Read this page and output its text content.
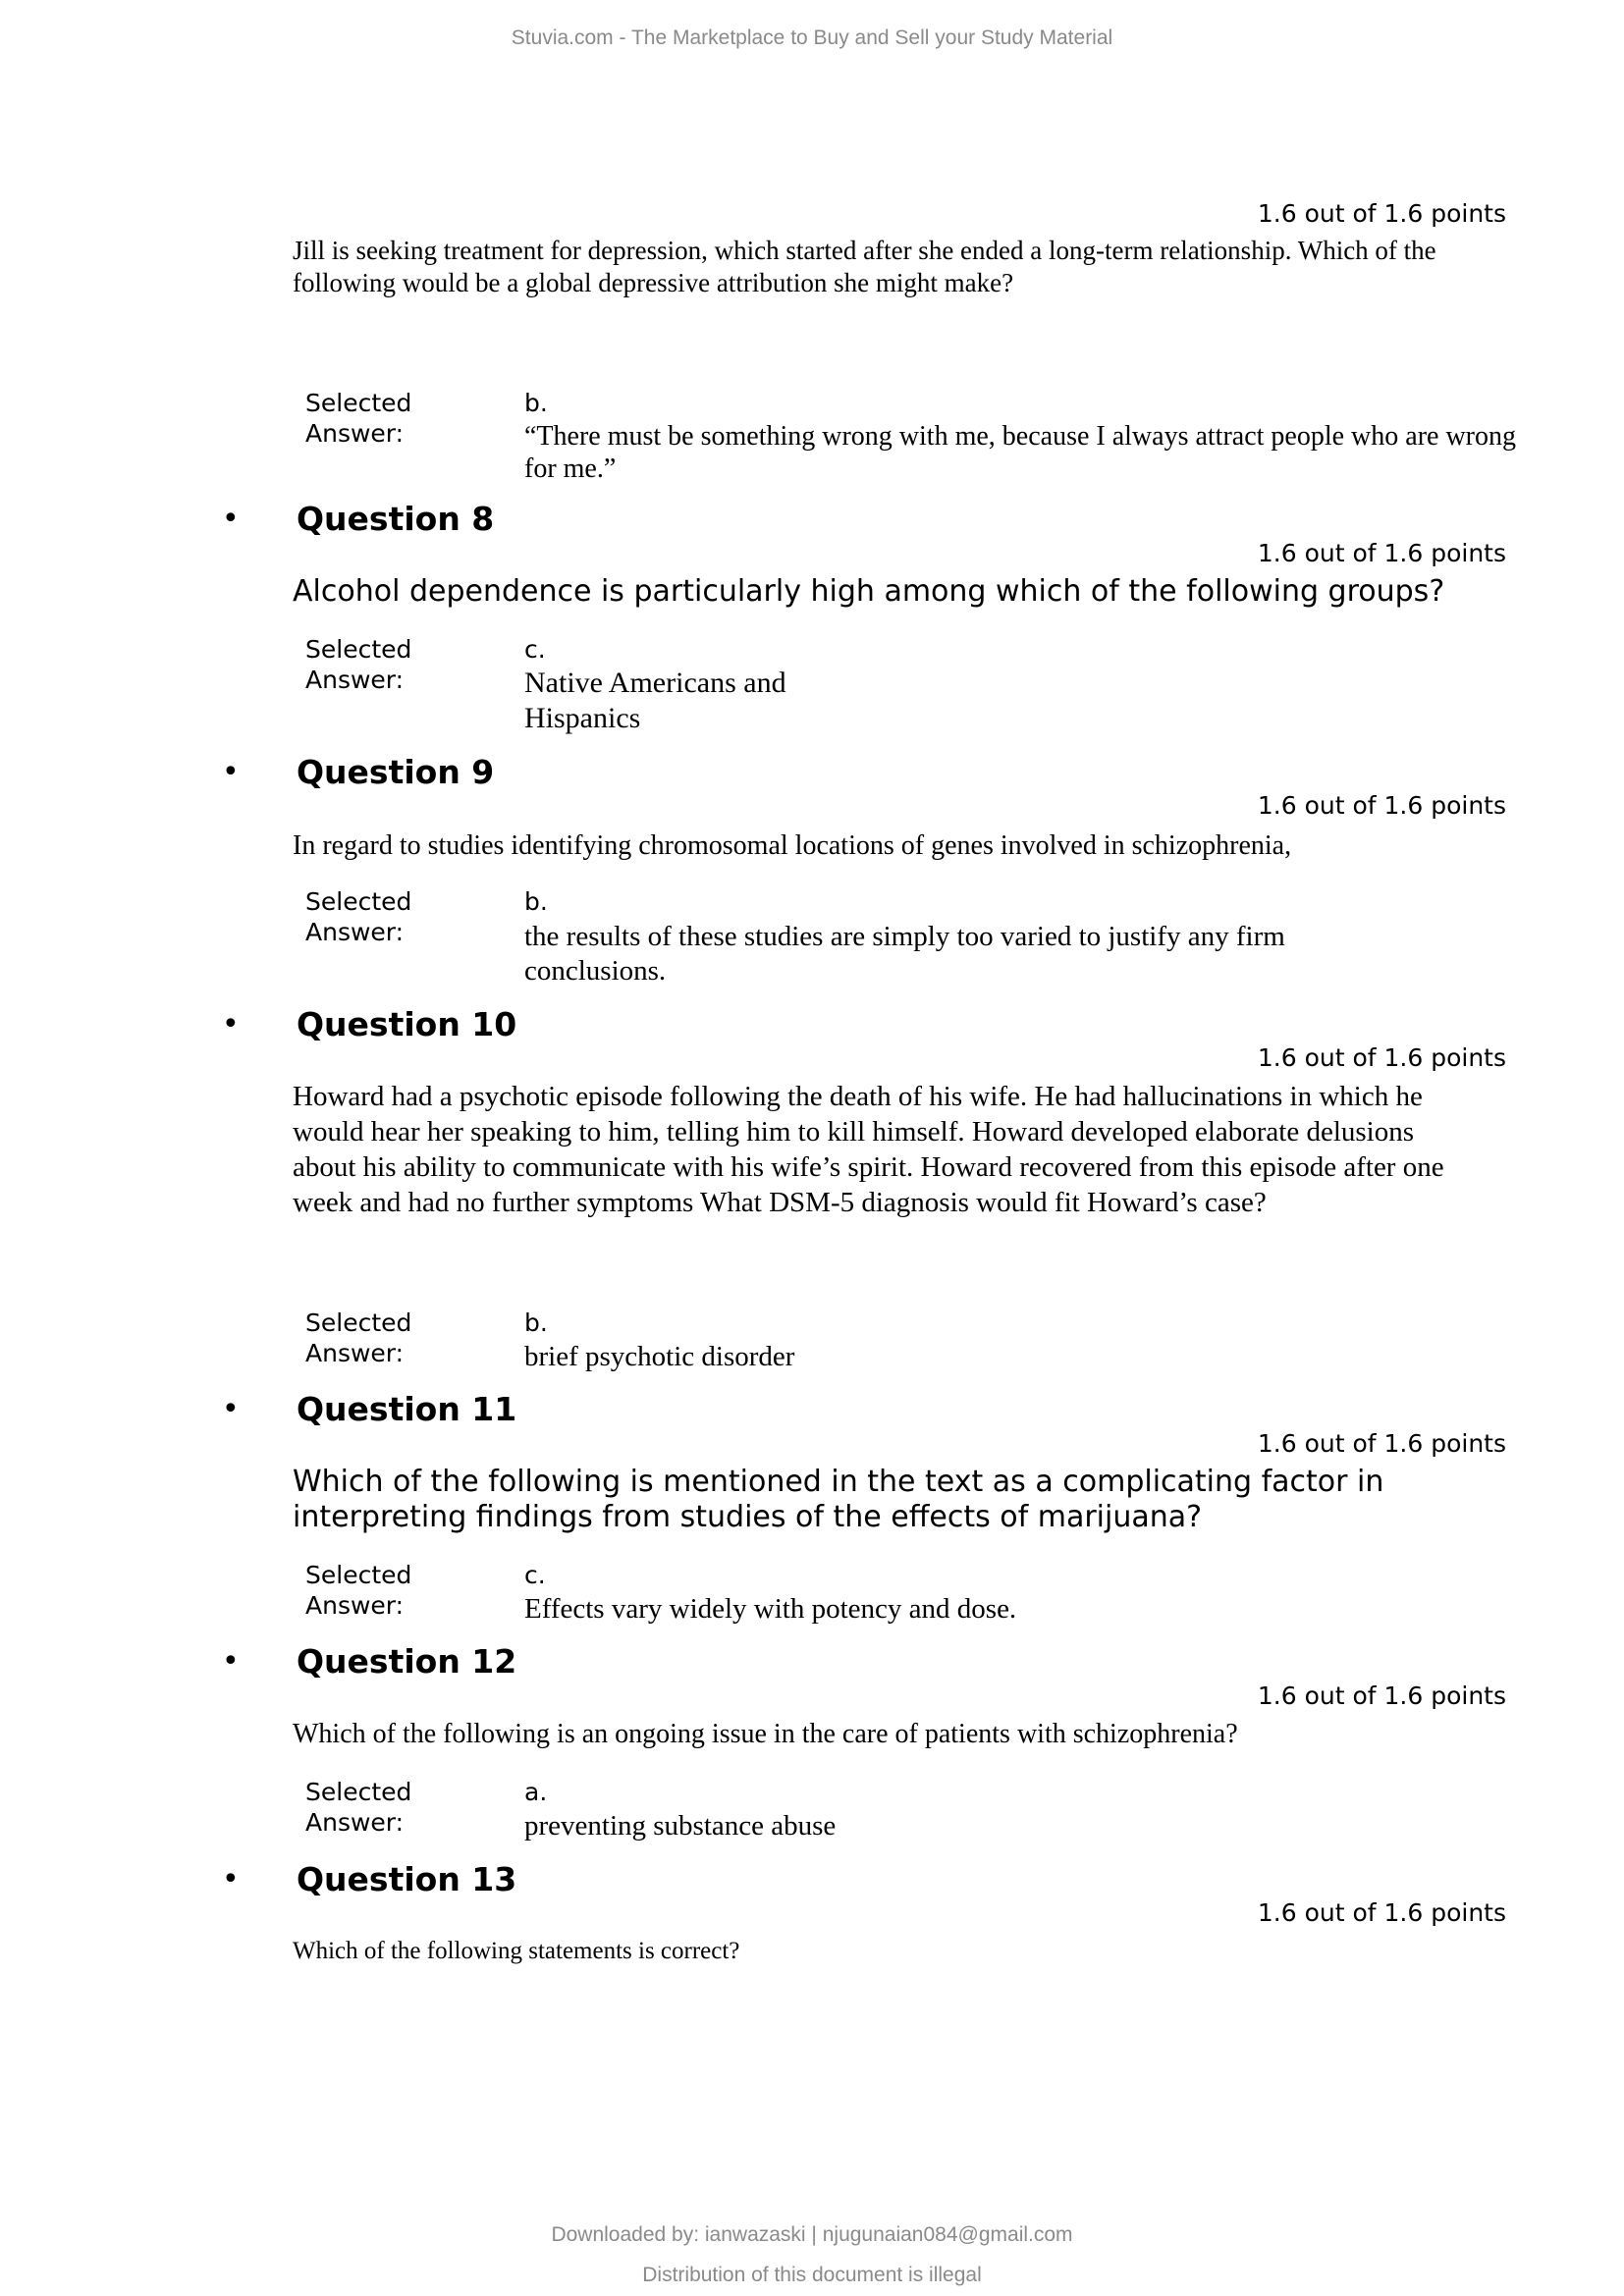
Stuvia.com - The Marketplace to Buy and Sell your Study Material
1.6 out of 1.6 points
Jill is seeking treatment for depression, which started after she ended a long-term relationship. Which of the
following would be a global depressive attribution she might make?
Selected
Answer:
b.
“There must be something wrong with me, because I always attract people who are wrong
for me.”
• Question 8
1.6 out of 1.6 points
Alcohol dependence is particularly high among which of the following groups?
Selected
Answer:
c.
Native Americans and
Hispanics
• Question 9
1.6 out of 1.6 points
In regard to studies identifying chromosomal locations of genes involved in schizophrenia,
Selected
Answer:
b.
the results of these studies are simply too varied to justify any firm
conclusions.
• Question 10
1.6 out of 1.6 points
Howard had a psychotic episode following the death of his wife. He had hallucinations in which he
would hear her speaking to him, telling him to kill himself. Howard developed elaborate delusions
about his ability to communicate with his wife’s spirit. Howard recovered from this episode after one
week and had no further symptoms What DSM-5 diagnosis would fit Howard’s case?
Selected
Answer:
b.
brief psychotic disorder
• Question 11
1.6 out of 1.6 points
Which of the following is mentioned in the text as a complicating factor in
interpreting findings from studies of the effects of marijuana?
Selected
Answer:
c.
Effects vary widely with potency and dose.
• Question 12
1.6 out of 1.6 points
Which of the following is an ongoing issue in the care of patients with schizophrenia?
Selected
Answer:
a.
preventing substance abuse
• Question 13
1.6 out of 1.6 points
Which of the following statements is correct?
Downloaded by: ianwazaski | njugunaian084@gmail.com
Distribution of this document is illegal
